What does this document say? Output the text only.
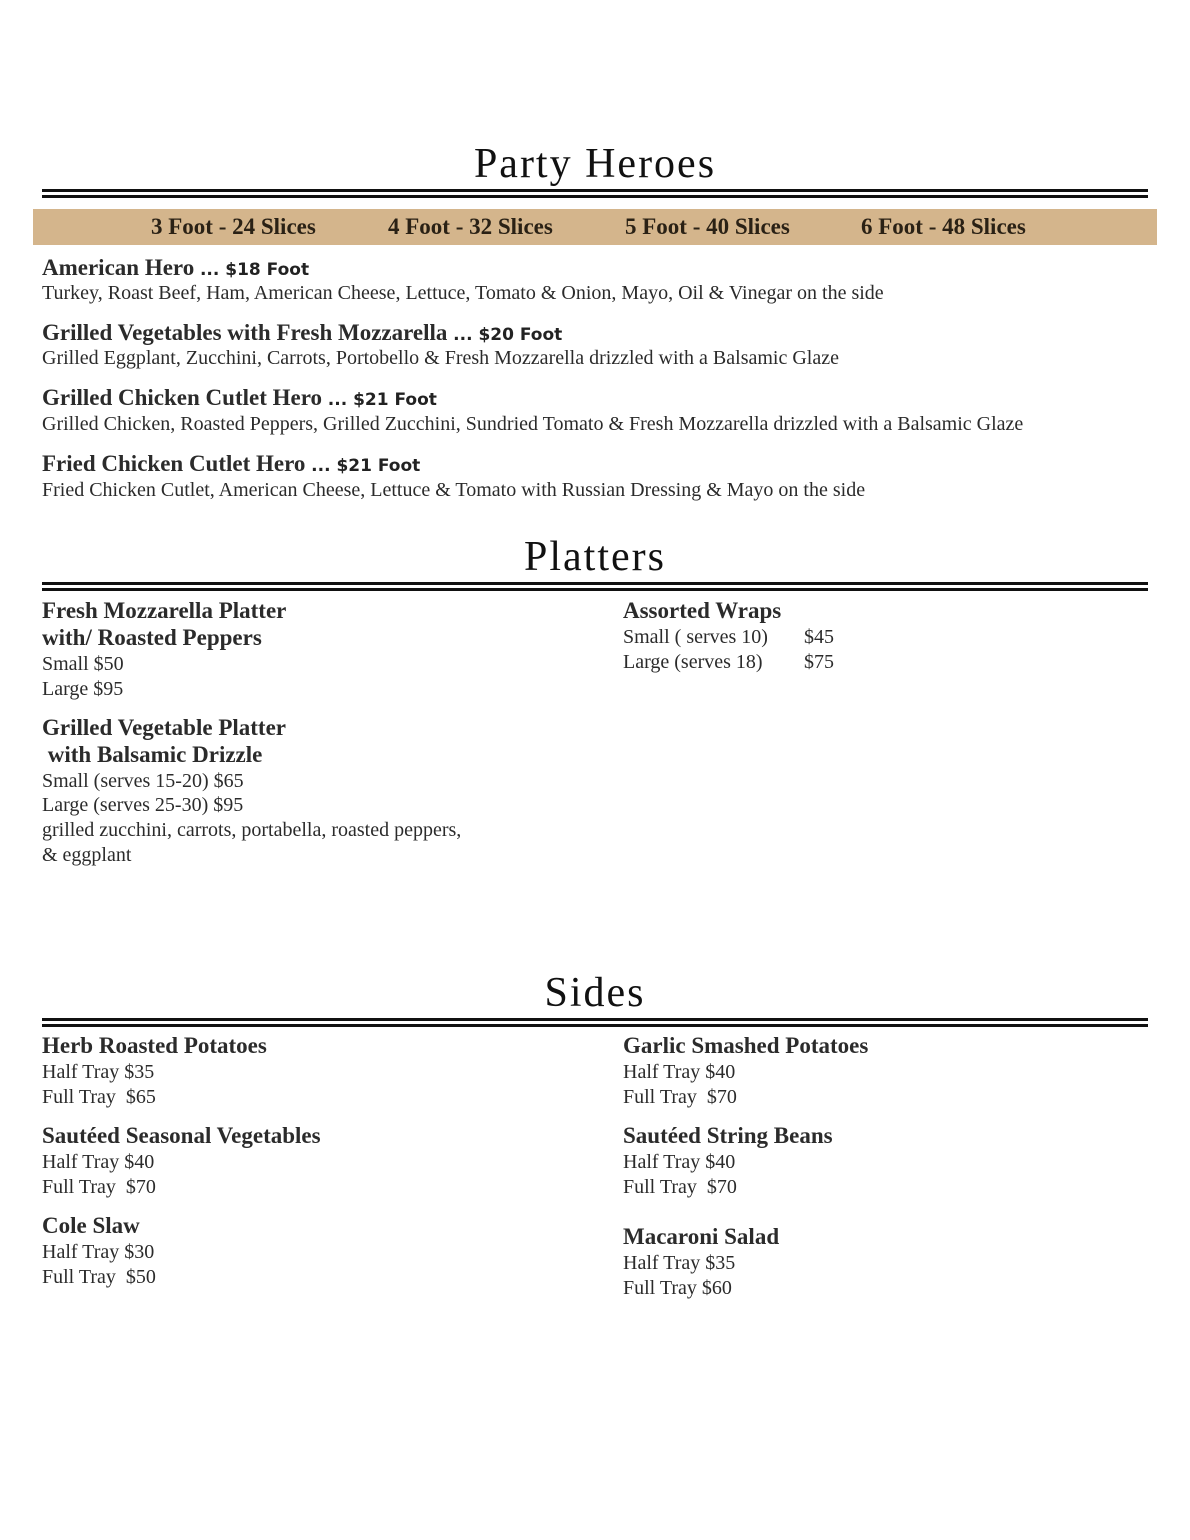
Party Heroes
3 Foot - 24 Slices	4 Foot - 32 Slices	5 Foot - 40 Slices	6 Foot - 48 Slices
American Hero ... $18 Foot
Turkey, Roast Beef, Ham, American Cheese, Lettuce, Tomato & Onion, Mayo, Oil & Vinegar on the side
Grilled Vegetables with Fresh Mozzarella ... $20 Foot
Grilled Eggplant, Zucchini, Carrots, Portobello & Fresh Mozzarella drizzled with a Balsamic Glaze
Grilled Chicken Cutlet Hero ... $21 Foot
Grilled Chicken, Roasted Peppers, Grilled Zucchini, Sundried Tomato & Fresh Mozzarella drizzled with a Balsamic Glaze
Fried Chicken Cutlet Hero ... $21 Foot
Fried Chicken Cutlet, American Cheese, Lettuce & Tomato with Russian Dressing & Mayo on the side
Platters
Fresh Mozzarella Platter
with/ Roasted Peppers
Small $50
Large $95
Grilled Vegetable Platter
with Balsamic Drizzle
Small (serves 15-20) $65
Large (serves 25-30) $95
grilled zucchini, carrots, portabella, roasted peppers,
& eggplant
Assorted Wraps
Small ( serves 10) $45
Large (serves 18) $75
Sides
Herb Roasted Potatoes
Half Tray $35
Full Tray  $65
Sautéed Seasonal Vegetables
Half Tray $40
Full Tray  $70
Cole Slaw
Half Tray $30
Full Tray  $50
Garlic Smashed Potatoes
Half Tray $40
Full Tray  $70
Sautéed String Beans
Half Tray $40
Full Tray  $70
Macaroni Salad
Half Tray $35
Full Tray $60
